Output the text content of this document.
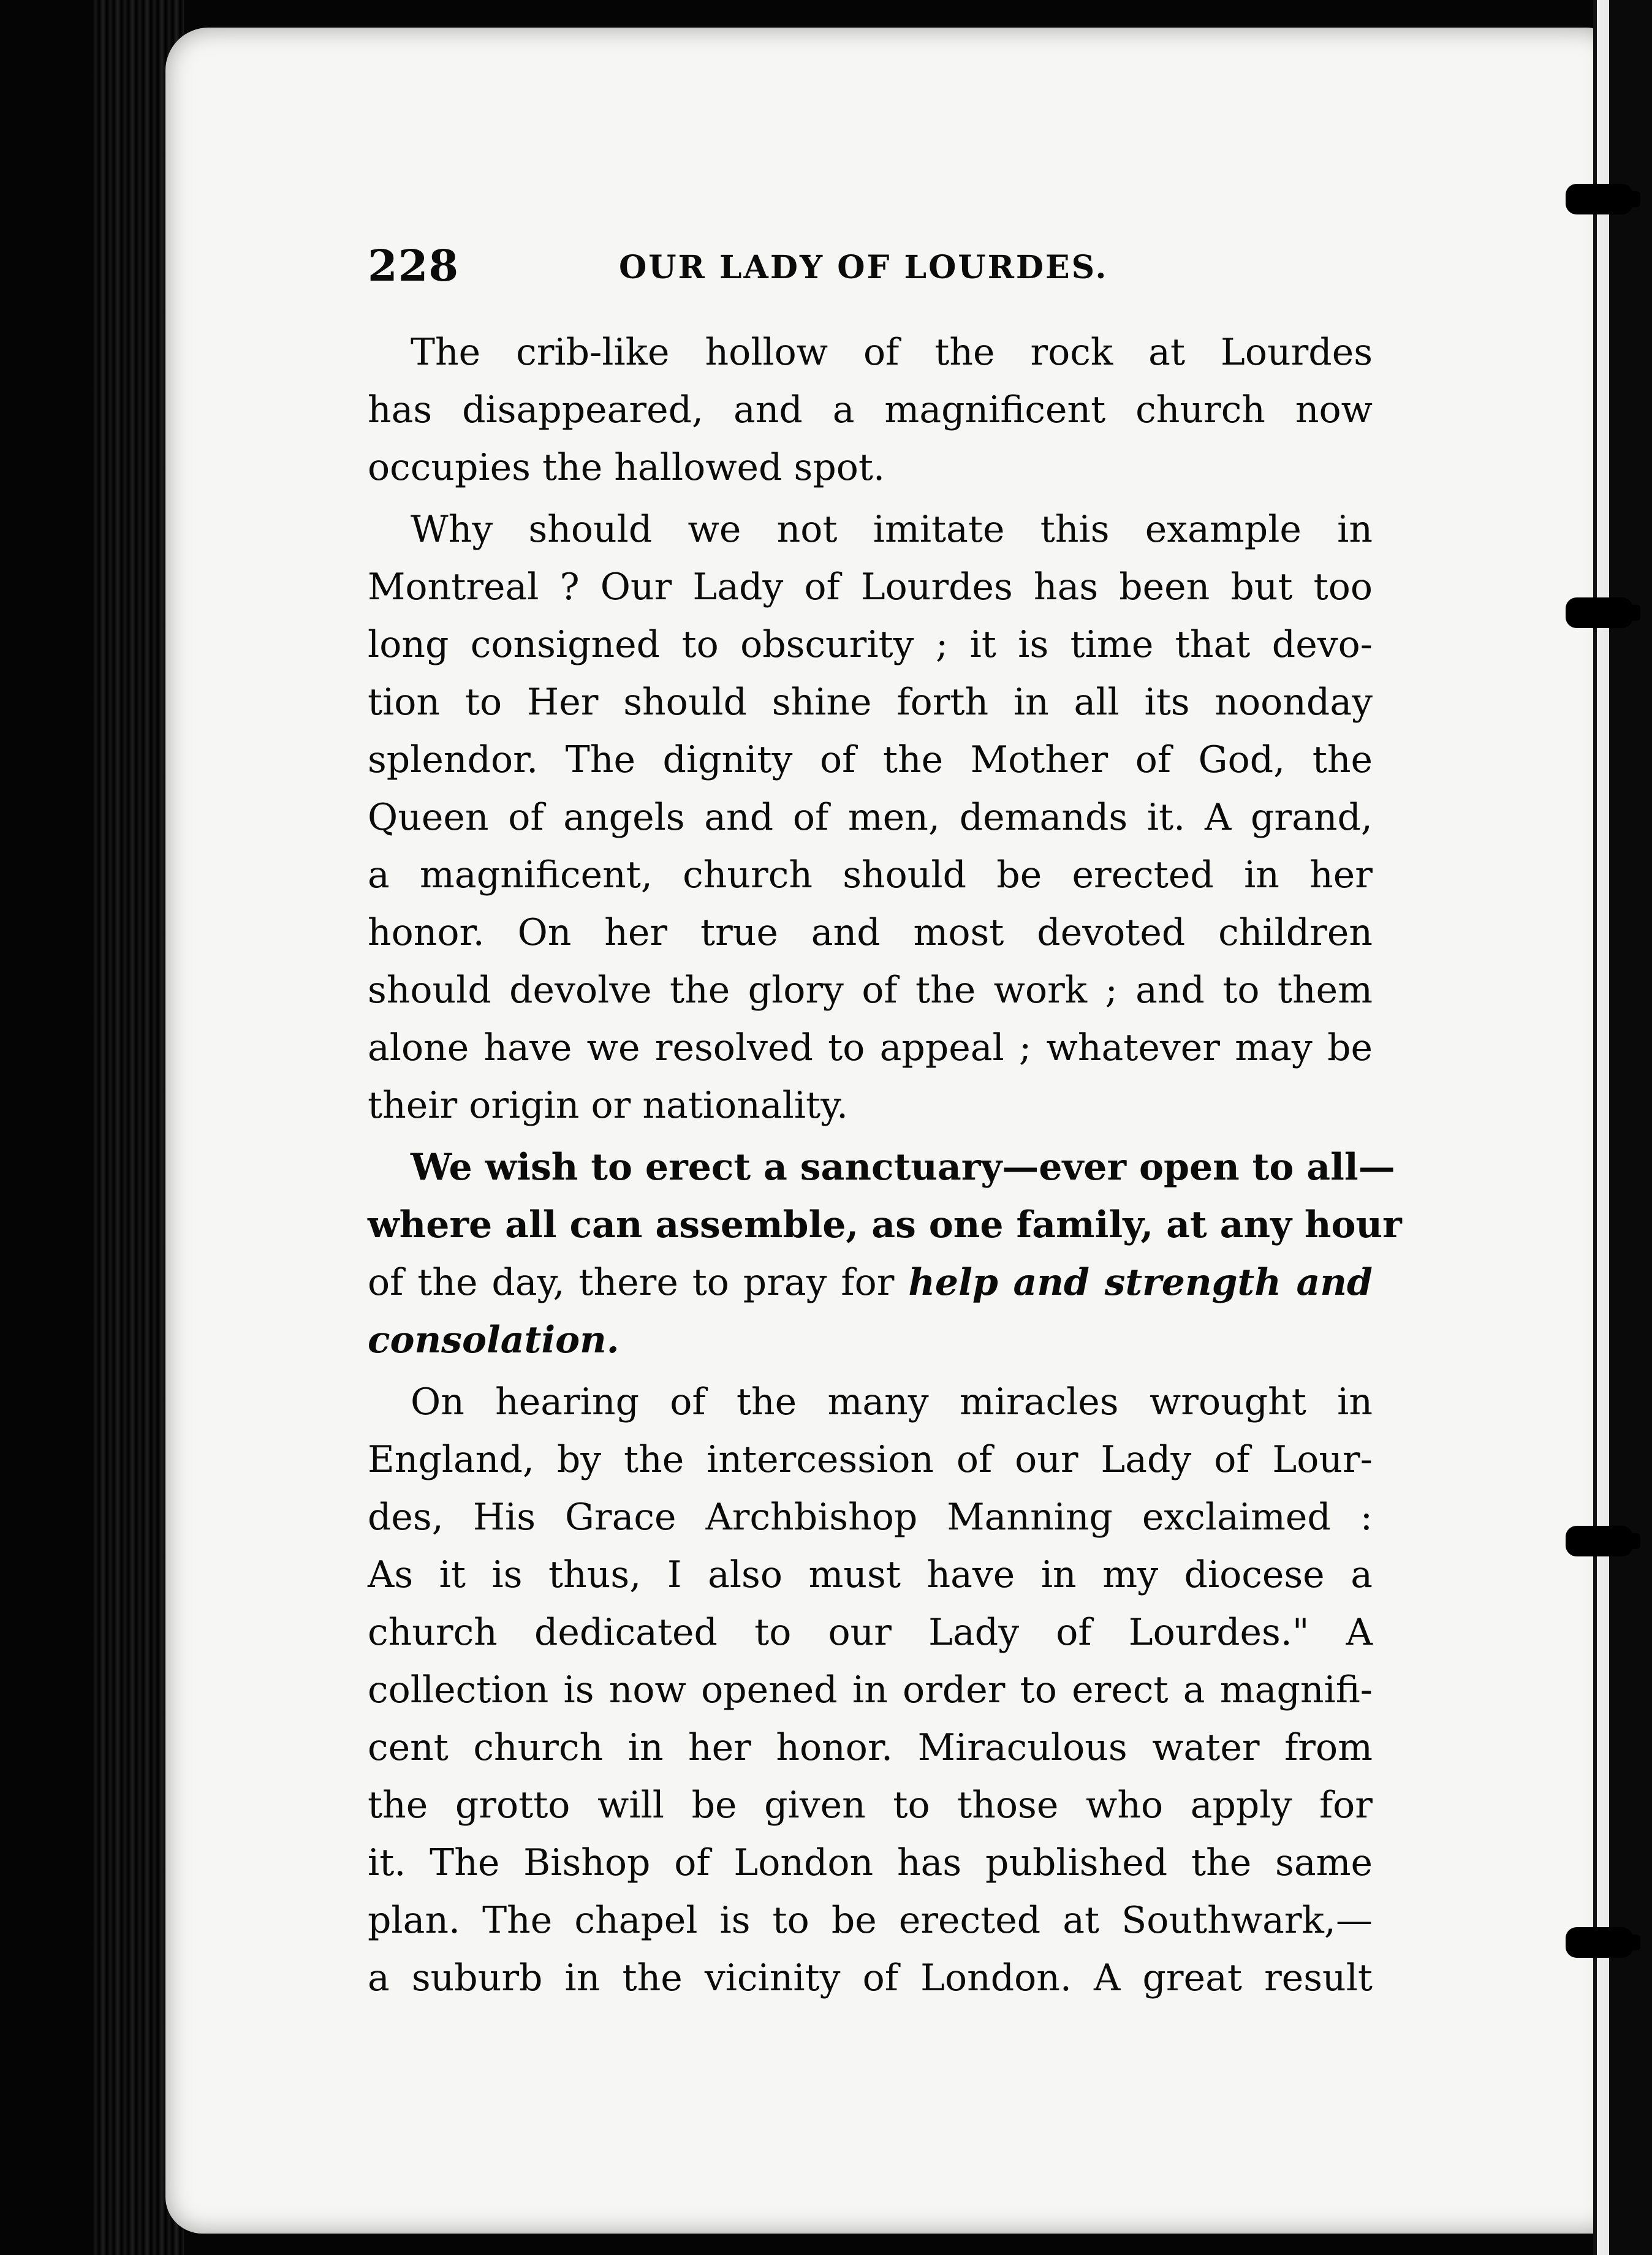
228	OUR LADY OF LOURDES.
The crib-like hollow of the rock at Lourdes
has disappeared, and a magnificent church now
occupies the hallowed spot.
Why should we not imitate this example in
Montreal ? Our Lady of Lourdes has been but too
long consigned to obscurity ; it is time that devo-
tion to Her should shine forth in all its noonday
splendor. The dignity of the Mother of God, the
Queen of angels and of men, demands it. A grand,
a magnificent, church should be erected in her
honor. On her true and most devoted children
should devolve the glory of the work ; and to them
alone have we resolved to appeal ; whatever may be
their origin or nationality.
We wish to erect a sanctuary—ever open to all—
where all can assemble, as one family, at any hour
of the day, there to pray for help and strength and
consolation.
On hearing of the many miracles wrought in
England, by the intercession of our Lady of Lour-
des, His Grace Archbishop Manning exclaimed :
As it is thus, I also must have in my diocese a
church dedicated to our Lady of Lourdes." A
collection is now opened in order to erect a magnifi-
cent church in her honor. Miraculous water from
the grotto will be given to those who apply for
it. The Bishop of London has published the same
plan. The chapel is to be erected at Southwark,—
a suburb in the vicinity of London. A great result
